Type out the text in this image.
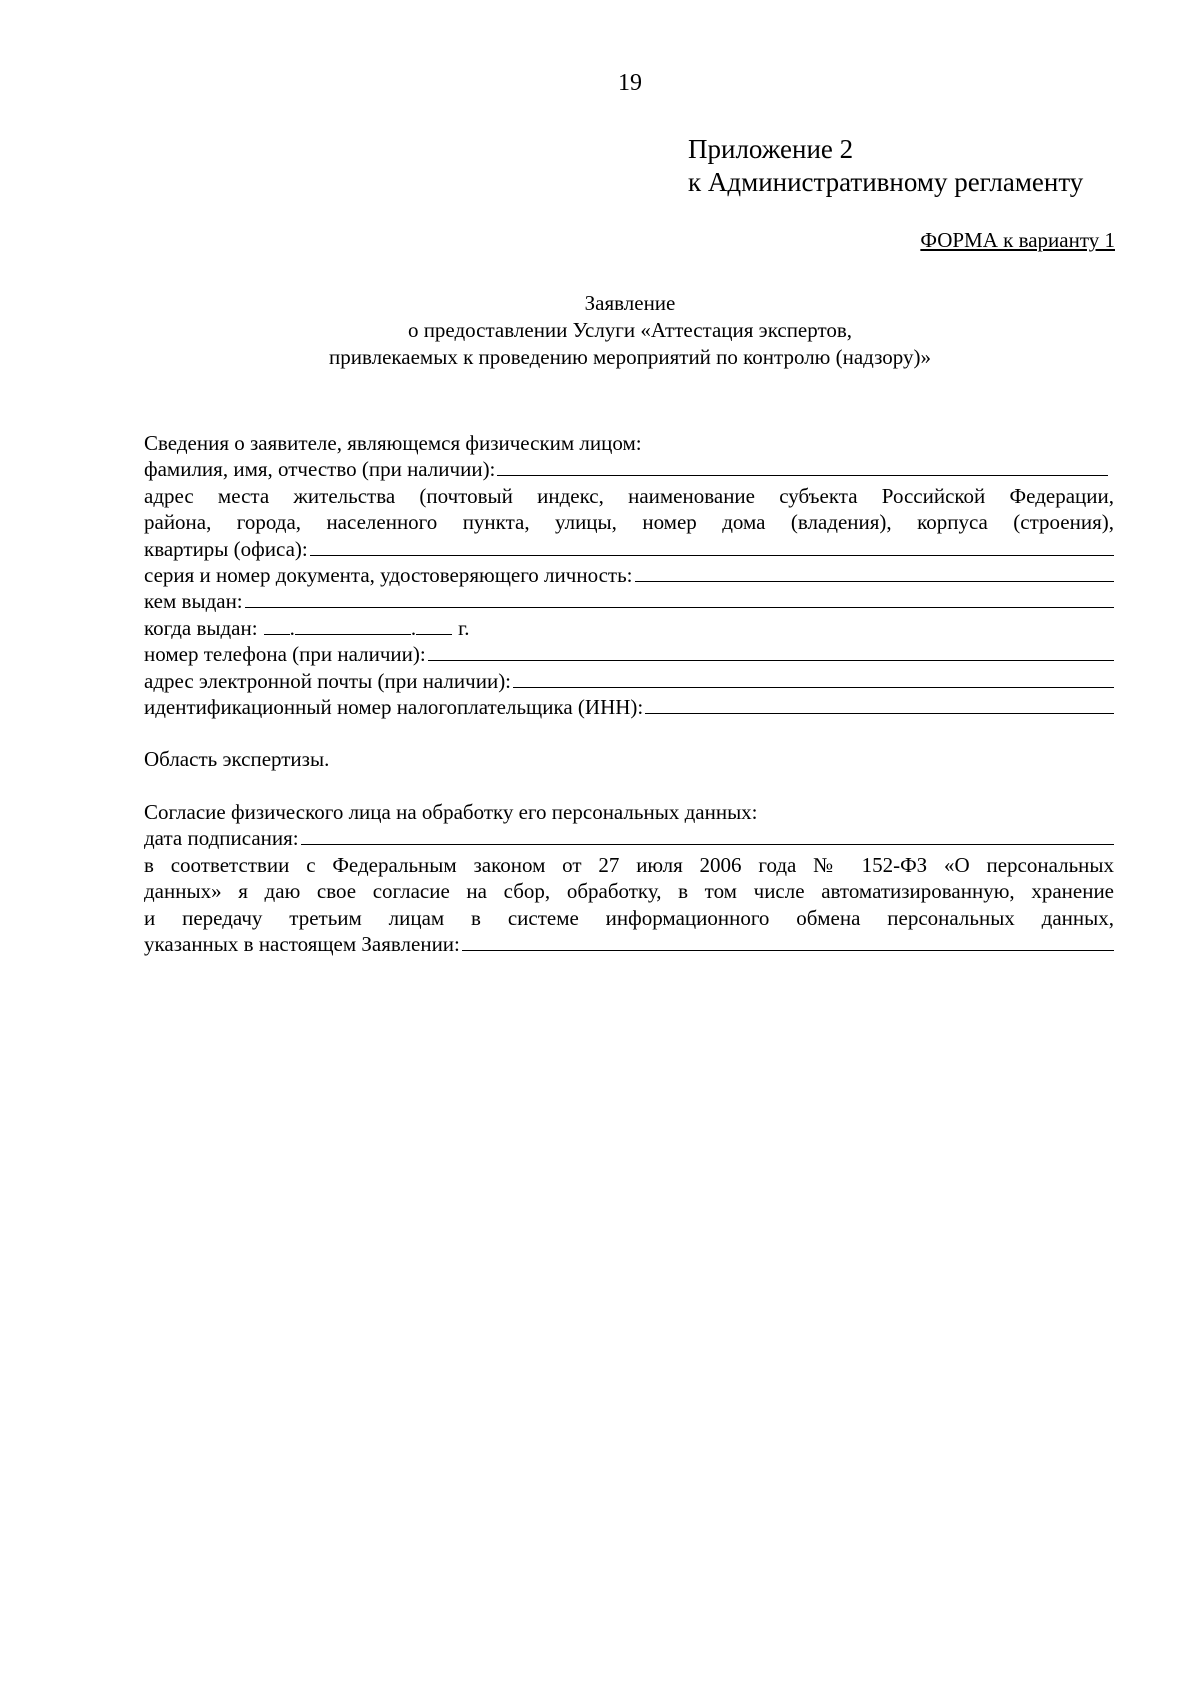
19
Приложение 2
к Административному регламенту
ФОРМА к варианту 1
Заявление
о предоставлении Услуги «Аттестация экспертов,
привлекаемых к проведению мероприятий по контролю (надзору)»
Сведения о заявителе, являющемся физическим лицом:
фамилия, имя, отчество (при наличии):
адрес места жительства (почтовый индекс, наименование субъекта Российской Федерации,
района, города, населенного пункта, улицы, номер дома (владения), корпуса (строения),
квартиры (офиса):
серия и номер документа, удостоверяющего личность:
кем выдан:
когда выдан: .	. г.
номер телефона (при наличии):
адрес электронной почты (при наличии):
идентификационный номер налогоплательщика (ИНН):
Область экспертизы.
Согласие физического лица на обработку его персональных данных:
дата подписания:
в соответствии с Федеральным законом от 27 июля 2006 года № 152-ФЗ «О персональных
данных» я даю свое согласие на сбор, обработку, в том числе автоматизированную, хранение
и передачу третьим лицам в системе информационного обмена персональных данных,
указанных в настоящем Заявлении:
